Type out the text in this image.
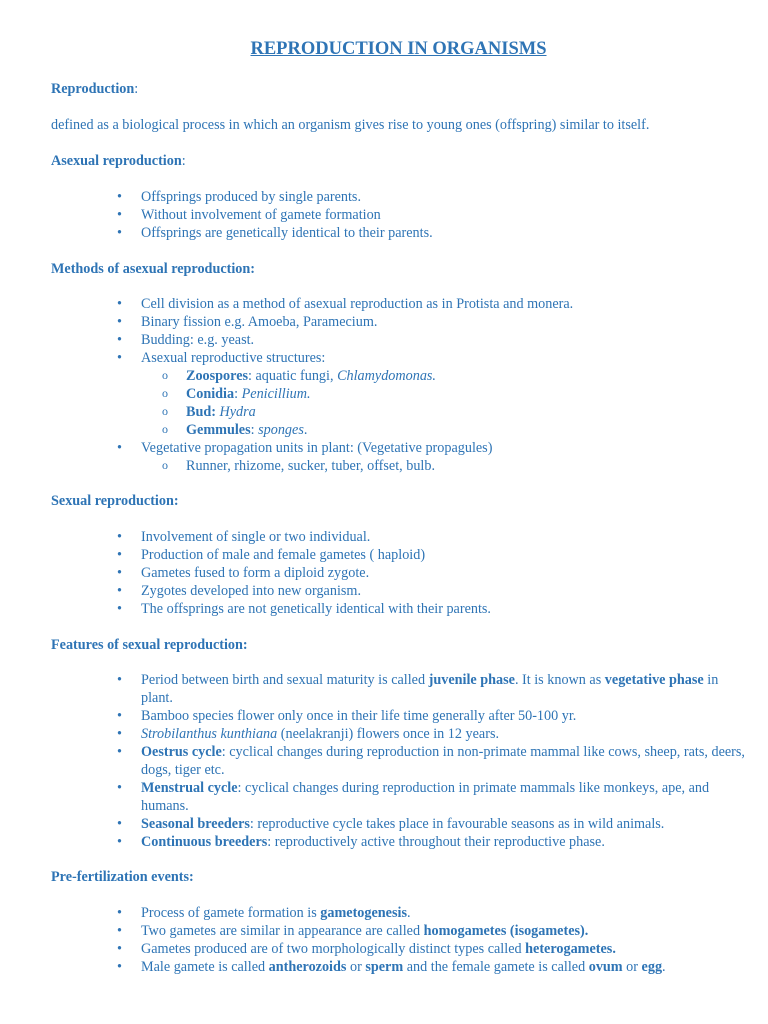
REPRODUCTION IN ORGANISMS

Reproduction:

defined as a biological process in which an organism gives rise to young ones (offspring) similar to itself.

Asexual reproduction:

• Offsprings produced by single parents.
• Without involvement of gamete formation
• Offsprings are genetically identical to their parents.

Methods of asexual reproduction:

• Cell division as a method of asexual reproduction as in Protista and monera.
• Binary fission e.g. Amoeba, Paramecium.
• Budding: e.g. yeast.
• Asexual reproductive structures:
o Zoospores: aquatic fungi, Chlamydomonas.
o Conidia: Penicillium.
o Bud: Hydra
o Gemmules: sponges.
• Vegetative propagation units in plant: (Vegetative propagules)
o Runner, rhizome, sucker, tuber, offset, bulb.

Sexual reproduction:

• Involvement of single or two individual.
• Production of male and female gametes ( haploid)
• Gametes fused to form a diploid zygote.
• Zygotes developed into new organism.
• The offsprings are not genetically identical with their parents.

Features of sexual reproduction:

• Period between birth and sexual maturity is called juvenile phase. It is known as vegetative phase in plant.
• Bamboo species flower only once in their life time generally after 50-100 yr.
• Strobilanthus kunthiana (neelakranji) flowers once in 12 years.
• Oestrus cycle: cyclical changes during reproduction in non-primate mammal like cows, sheep, rats, deers, dogs, tiger etc.
• Menstrual cycle: cyclical changes during reproduction in primate mammals like monkeys, ape, and humans.
• Seasonal breeders: reproductive cycle takes place in favourable seasons as in wild animals.
• Continuous breeders: reproductively active throughout their reproductive phase.

Pre-fertilization events:

• Process of gamete formation is gametogenesis.
• Two gametes are similar in appearance are called homogametes (isogametes).
• Gametes produced are of two morphologically distinct types called heterogametes.
• Male gamete is called antherozoids or sperm and the female gamete is called ovum or egg.
